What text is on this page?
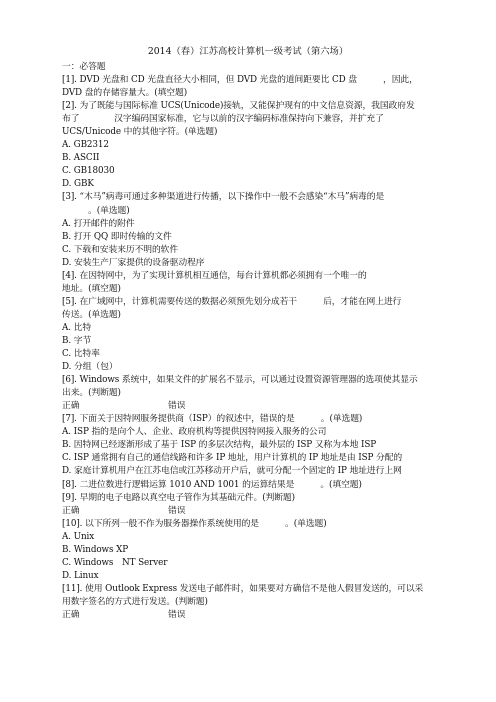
2014（春）江苏高校计算机一级考试（第六场）
一：必答题
[1]. DVD 光盘和 CD 光盘直径大小相同，但 DVD 光盘的道间距要比 CD 盘　　　，因此，
DVD 盘的存储容量大。(填空题)
[2]. 为了既能与国际标准 UCS(Unicode)接轨，又能保护现有的中文信息资源，我国政府发
布了　　　　汉字编码国家标准，它与以前的汉字编码标准保持向下兼容，并扩充了
UCS/Unicode 中的其他字符。(单选题)
A. GB2312
B. ASCII
C. GB18030
D. GBK
[3]. “木马”病毒可通过多种渠道进行传播，以下操作中一般不会感染“木马”病毒的是
　　　。(单选题)
A. 打开邮件的附件
B. 打开 QQ 即时传输的文件
C. 下载和安装来历不明的软件
D. 安装生产厂家提供的设备驱动程序
[4]. 在因特网中，为了实现计算机相互通信，每台计算机都必须拥有一个唯一的
地址。(填空题)
[5]. 在广域网中，计算机需要传送的数据必须预先划分成若干　　　后，才能在网上进行
传送。(单选题)
A. 比特
B. 字节
C. 比特率
D. 分组（包）
[6]. Windows 系统中，如果文件的扩展名不显示，可以通过设置资源管理器的选项使其显示
出来。(判断题)
正确	错误
[7]. 下面关于因特网服务提供商（ISP）的叙述中，错误的是　　　。(单选题)
A. ISP 指的是向个人、企业、政府机构等提供因特网接入服务的公司
B. 因特网已经逐渐形成了基于 ISP 的多层次结构，最外层的 ISP 又称为本地 ISP
C. ISP 通常拥有自己的通信线路和许多 IP 地址，用户计算机的 IP 地址是由 ISP 分配的
D. 家庭计算机用户在江苏电信或江苏移动开户后，就可分配一个固定的 IP 地址进行上网
[8]. 二进位数进行逻辑运算 1010 AND 1001 的运算结果是　　　。(填空题)
[9]. 早期的电子电路以真空电子管作为其基础元件。(判断题)
正确	错误
[10]. 以下所列一般不作为服务器操作系统使用的是　　　。(单选题)
A. Unix
B. Windows XP
C. Windows　NT Server
D. Linux
[11]. 使用 Outlook Express 发送电子邮件时，如果要对方确信不是他人假冒发送的，可以采
用数字签名的方式进行发送。(判断题)
正确	错误
